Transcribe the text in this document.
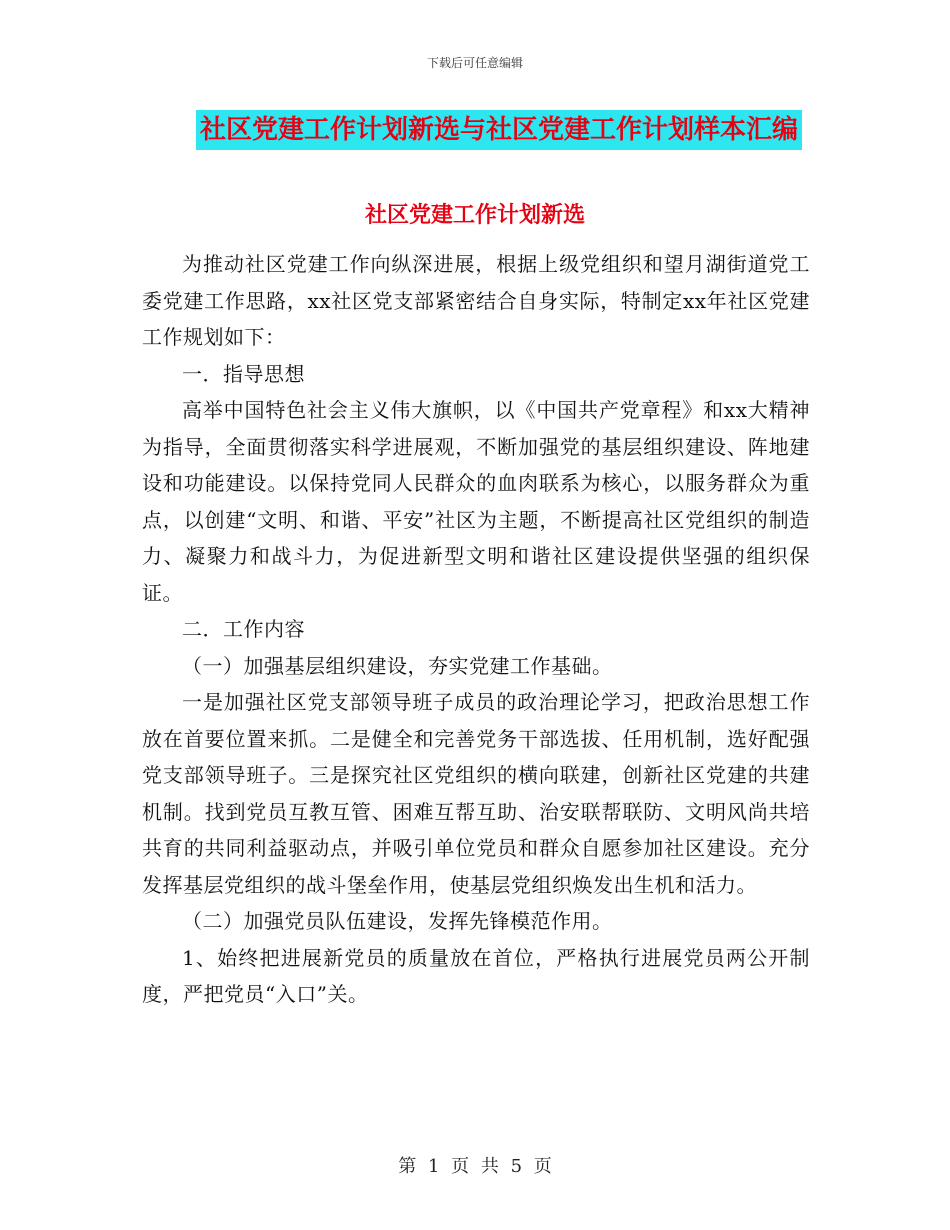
下载后可任意编辑
社区党建工作计划新选与社区党建工作计划样本汇编
社区党建工作计划新选

为推动社区党建工作向纵深进展，根据上级党组织和望月湖街道党工委党建工作思路，xx社区党支部紧密结合自身实际，特制定xx年社区党建工作规划如下：

一．指导思想

高举中国特色社会主义伟大旗帜，以《中国共产党章程》和xx大精神为指导，全面贯彻落实科学进展观，不断加强党的基层组织建设、阵地建设和功能建设。以保持党同人民群众的血肉联系为核心，以服务群众为重点，以创建“文明、和谐、平安”社区为主题，不断提高社区党组织的制造力、凝聚力和战斗力，为促进新型文明和谐社区建设提供坚强的组织保证。

二．工作内容

（一）加强基层组织建设，夯实党建工作基础。

一是加强社区党支部领导班子成员的政治理论学习，把政治思想工作放在首要位置来抓。二是健全和完善党务干部选拔、任用机制，选好配强党支部领导班子。三是探究社区党组织的横向联建，创新社区党建的共建机制。找到党员互教互管、困难互帮互助、治安联帮联防、文明风尚共培共育的共同利益驱动点，并吸引单位党员和群众自愿参加社区建设。充分发挥基层党组织的战斗堡垒作用，使基层党组织焕发出生机和活力。

（二）加强党员队伍建设，发挥先锋模范作用。

1、始终把进展新党员的质量放在首位，严格执行进展党员两公开制度，严把党员“入口”关。

第 1 页 共 5 页
